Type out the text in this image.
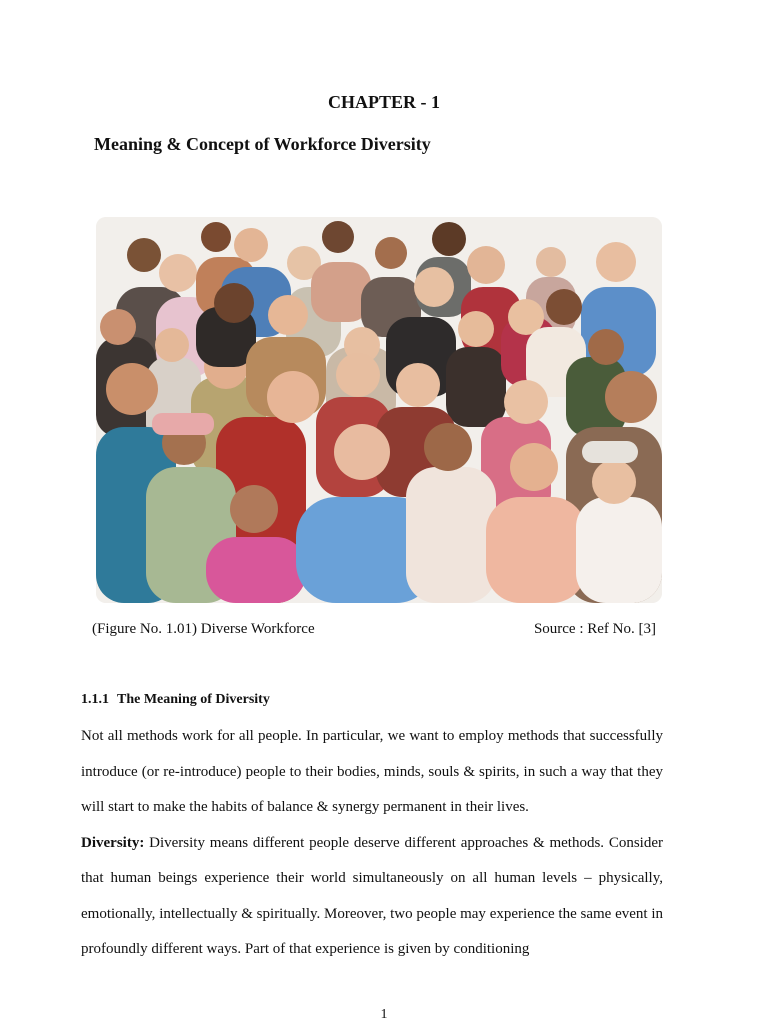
CHAPTER - 1
Meaning & Concept of Workforce Diversity
(Figure No. 1.01) Diverse Workforce	Source : Ref No. [3]
1.1.1 The Meaning of Diversity

Not all methods work for all people. In particular, we want to employ methods that successfully introduce (or re-introduce) people to their bodies, minds, souls & spirits, in such a way that they will start to make the habits of balance & synergy permanent in their lives.

Diversity: Diversity means different people deserve different approaches & methods. Consider that human beings experience their world simultaneously on all human levels – physically, emotionally, intellectually & spiritually. Moreover, two people may experience the same event in profoundly different ways. Part of that experience is given by conditioning

1
